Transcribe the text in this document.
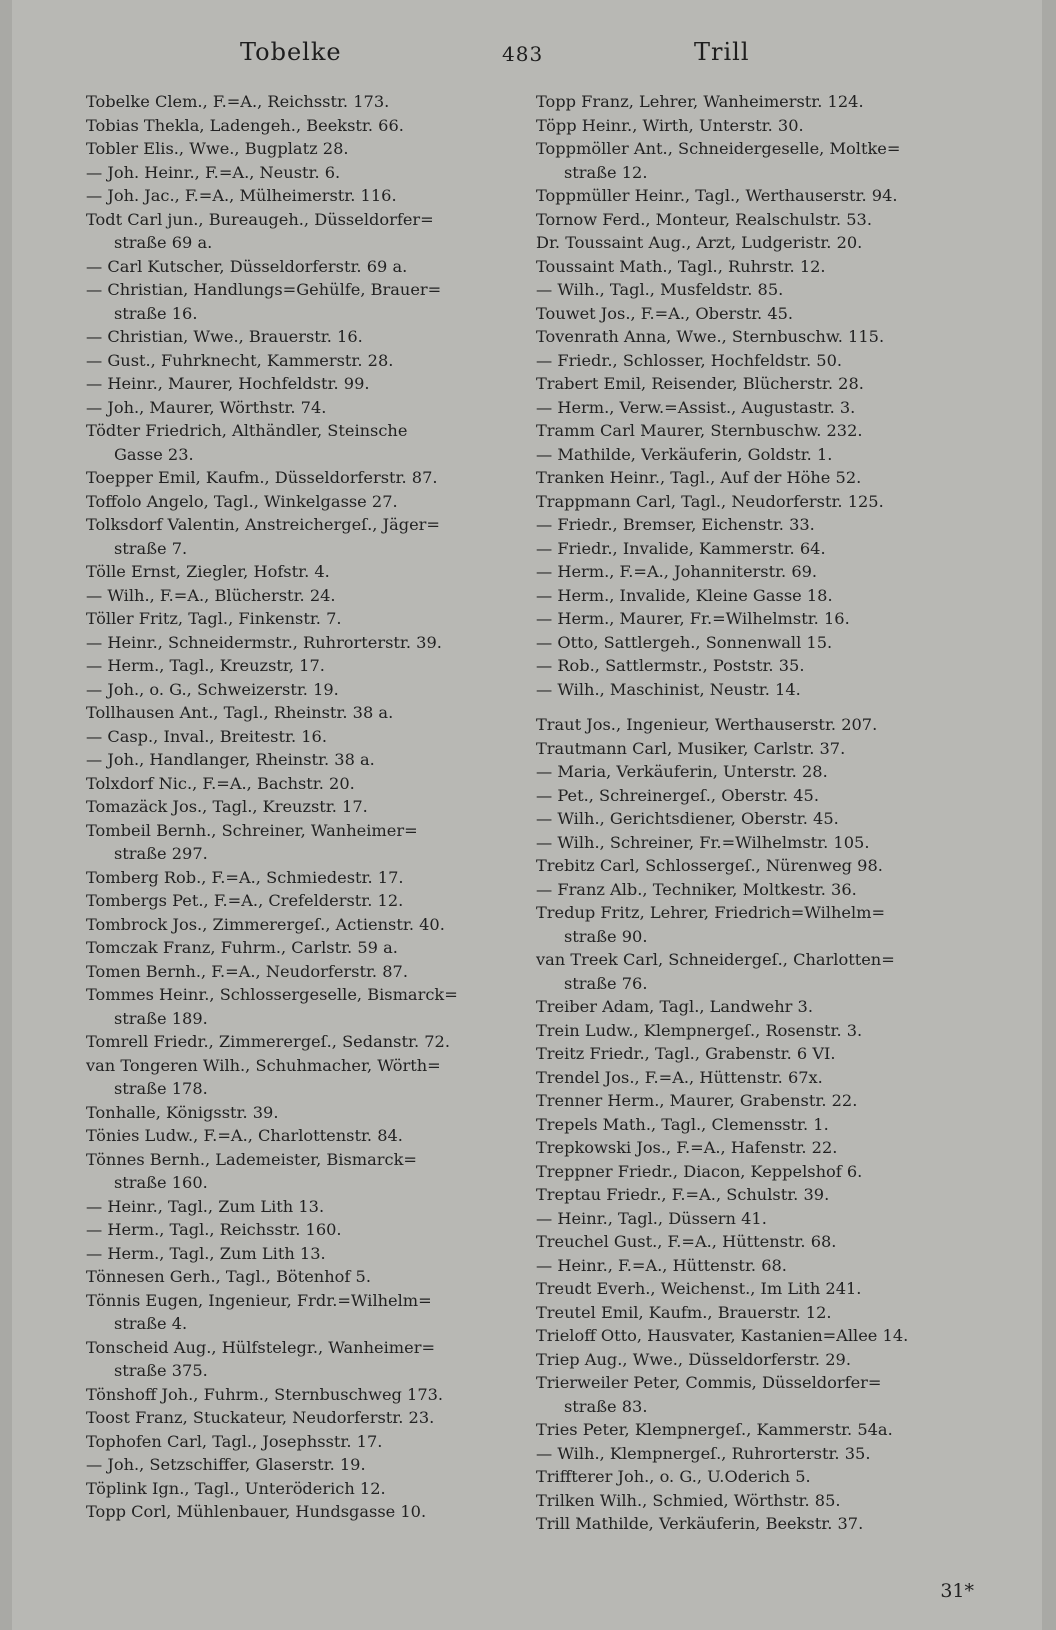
Tobelke	483	Trill
Tobelke Clem., F.=A., Reichsstr. 173.
Tobias Thekla, Ladengeh., Beekstr. 66.
Tobler Elis., Wwe., Bugplatz 28.
— Joh. Heinr., F.=A., Neustr. 6.
— Joh. Jac., F.=A., Mülheimerstr. 116.
Todt Carl jun., Bureaugeh., Düsseldorfer=
straße 69 a.
— Carl Kutscher, Düsseldorferstr. 69 a.
— Christian, Handlungs=Gehülfe, Brauer=
straße 16.
— Christian, Wwe., Brauerstr. 16.
— Gust., Fuhrknecht, Kammerstr. 28.
— Heinr., Maurer, Hochfeldstr. 99.
— Joh., Maurer, Wörthstr. 74.
Tödter Friedrich, Althändler, Steinsche
Gasse 23.
Toepper Emil, Kaufm., Düsseldorferstr. 87.
Toffolo Angelo, Tagl., Winkelgasse 27.
Tolksdorf Valentin, Anstreichergeſ., Jäger=
straße 7.
Tölle Ernst, Ziegler, Hofstr. 4.
— Wilh., F.=A., Blücherstr. 24.
Töller Fritz, Tagl., Finkenstr. 7.
— Heinr., Schneidermstr., Ruhrorterstr. 39.
— Herm., Tagl., Kreuzstr, 17.
— Joh., o. G., Schweizerstr. 19.
Tollhausen Ant., Tagl., Rheinstr. 38 a.
— Casp., Inval., Breitestr. 16.
— Joh., Handlanger, Rheinstr. 38 a.
Tolxdorf Nic., F.=A., Bachstr. 20.
Tomazäck Jos., Tagl., Kreuzstr. 17.
Tombeil Bernh., Schreiner, Wanheimer=
straße 297.
Tomberg Rob., F.=A., Schmiedestr. 17.
Tombergs Pet., F.=A., Crefelderstr. 12.
Tombrock Jos., Zimmerergeſ., Actienstr. 40.
Tomczak Franz, Fuhrm., Carlstr. 59 a.
Tomen Bernh., F.=A., Neudorferstr. 87.
Tommes Heinr., Schlossergeselle, Bismarck=
straße 189.
Tomrell Friedr., Zimmerergeſ., Sedanstr. 72.
van Tongeren Wilh., Schuhmacher, Wörth=
straße 178.
Tonhalle, Königsstr. 39.
Tönies Ludw., F.=A., Charlottenstr. 84.
Tönnes Bernh., Lademeister, Bismarck=
straße 160.
— Heinr., Tagl., Zum Lith 13.
— Herm., Tagl., Reichsstr. 160.
— Herm., Tagl., Zum Lith 13.
Tönnesen Gerh., Tagl., Bötenhof 5.
Tönnis Eugen, Ingenieur, Frdr.=Wilhelm=
straße 4.
Tonscheid Aug., Hülfstelegr., Wanheimer=
straße 375.
Tönshoff Joh., Fuhrm., Sternbuschweg 173.
Toost Franz, Stuckateur, Neudorferstr. 23.
Tophofen Carl, Tagl., Josephsstr. 17.
— Joh., Setzschiffer, Glaserstr. 19.
Töplink Ign., Tagl., Unteröderich 12.
Topp Corl, Mühlenbauer, Hundsgasse 10.
Topp Franz, Lehrer, Wanheimerstr. 124.
Töpp Heinr., Wirth, Unterstr. 30.
Toppmöller Ant., Schneidergeselle, Moltke=
straße 12.
Toppmüller Heinr., Tagl., Werthauserstr. 94.
Tornow Ferd., Monteur, Realschulstr. 53.
Dr. Toussaint Aug., Arzt, Ludgeristr. 20.
Toussaint Math., Tagl., Ruhrstr. 12.
— Wilh., Tagl., Musfeldstr. 85.
Touwet Jos., F.=A., Oberstr. 45.
Tovenrath Anna, Wwe., Sternbuschw. 115.
— Friedr., Schlosser, Hochfeldstr. 50.
Trabert Emil, Reisender, Blücherstr. 28.
— Herm., Verw.=Assist., Augustastr. 3.
Tramm Carl Maurer, Sternbuschw. 232.
— Mathilde, Verkäuferin, Goldstr. 1.
Tranken Heinr., Tagl., Auf der Höhe 52.
Trappmann Carl, Tagl., Neudorferstr. 125.
— Friedr., Bremser, Eichenstr. 33.
— Friedr., Invalide, Kammerstr. 64.
— Herm., F.=A., Johanniterstr. 69.
— Herm., Invalide, Kleine Gasse 18.
— Herm., Maurer, Fr.=Wilhelmstr. 16.
— Otto, Sattlergeh., Sonnenwall 15.
— Rob., Sattlermstr., Poststr. 35.
— Wilh., Maschinist, Neustr. 14.
Traut Jos., Ingenieur, Werthauserstr. 207.
Trautmann Carl, Musiker, Carlstr. 37.
— Maria, Verkäuferin, Unterstr. 28.
— Pet., Schreinergeſ., Oberstr. 45.
— Wilh., Gerichtsdiener, Oberstr. 45.
— Wilh., Schreiner, Fr.=Wilhelmstr. 105.
Trebitz Carl, Schlossergeſ., Nürenweg 98.
— Franz Alb., Techniker, Moltkestr. 36.
Tredup Fritz, Lehrer, Friedrich=Wilhelm=
straße 90.
van Treek Carl, Schneidergeſ., Charlotten=
straße 76.
Treiber Adam, Tagl., Landwehr 3.
Trein Ludw., Klempnergeſ., Rosenstr. 3.
Treitz Friedr., Tagl., Grabenstr. 6 VI.
Trendel Jos., F.=A., Hüttenstr. 67x.
Trenner Herm., Maurer, Grabenstr. 22.
Trepels Math., Tagl., Clemensstr. 1.
Trepkowski Jos., F.=A., Hafenstr. 22.
Treppner Friedr., Diacon, Keppelshof 6.
Treptau Friedr., F.=A., Schulstr. 39.
— Heinr., Tagl., Düssern 41.
Treuchel Gust., F.=A., Hüttenstr. 68.
— Heinr., F.=A., Hüttenstr. 68.
Treudt Everh., Weichenst., Im Lith 241.
Treutel Emil, Kaufm., Brauerstr. 12.
Trieloff Otto, Hausvater, Kastanien=Allee 14.
Triep Aug., Wwe., Düsseldorferstr. 29.
Trierweiler Peter, Commis, Düsseldorfer=
straße 83.
Tries Peter, Klempnergeſ., Kammerstr. 54a.
— Wilh., Klempnergeſ., Ruhrorterstr. 35.
Triffterer Joh., o. G., U.Oderich 5.
Trilken Wilh., Schmied, Wörthstr. 85.
Trill Mathilde, Verkäuferin, Beekstr. 37.
31*
